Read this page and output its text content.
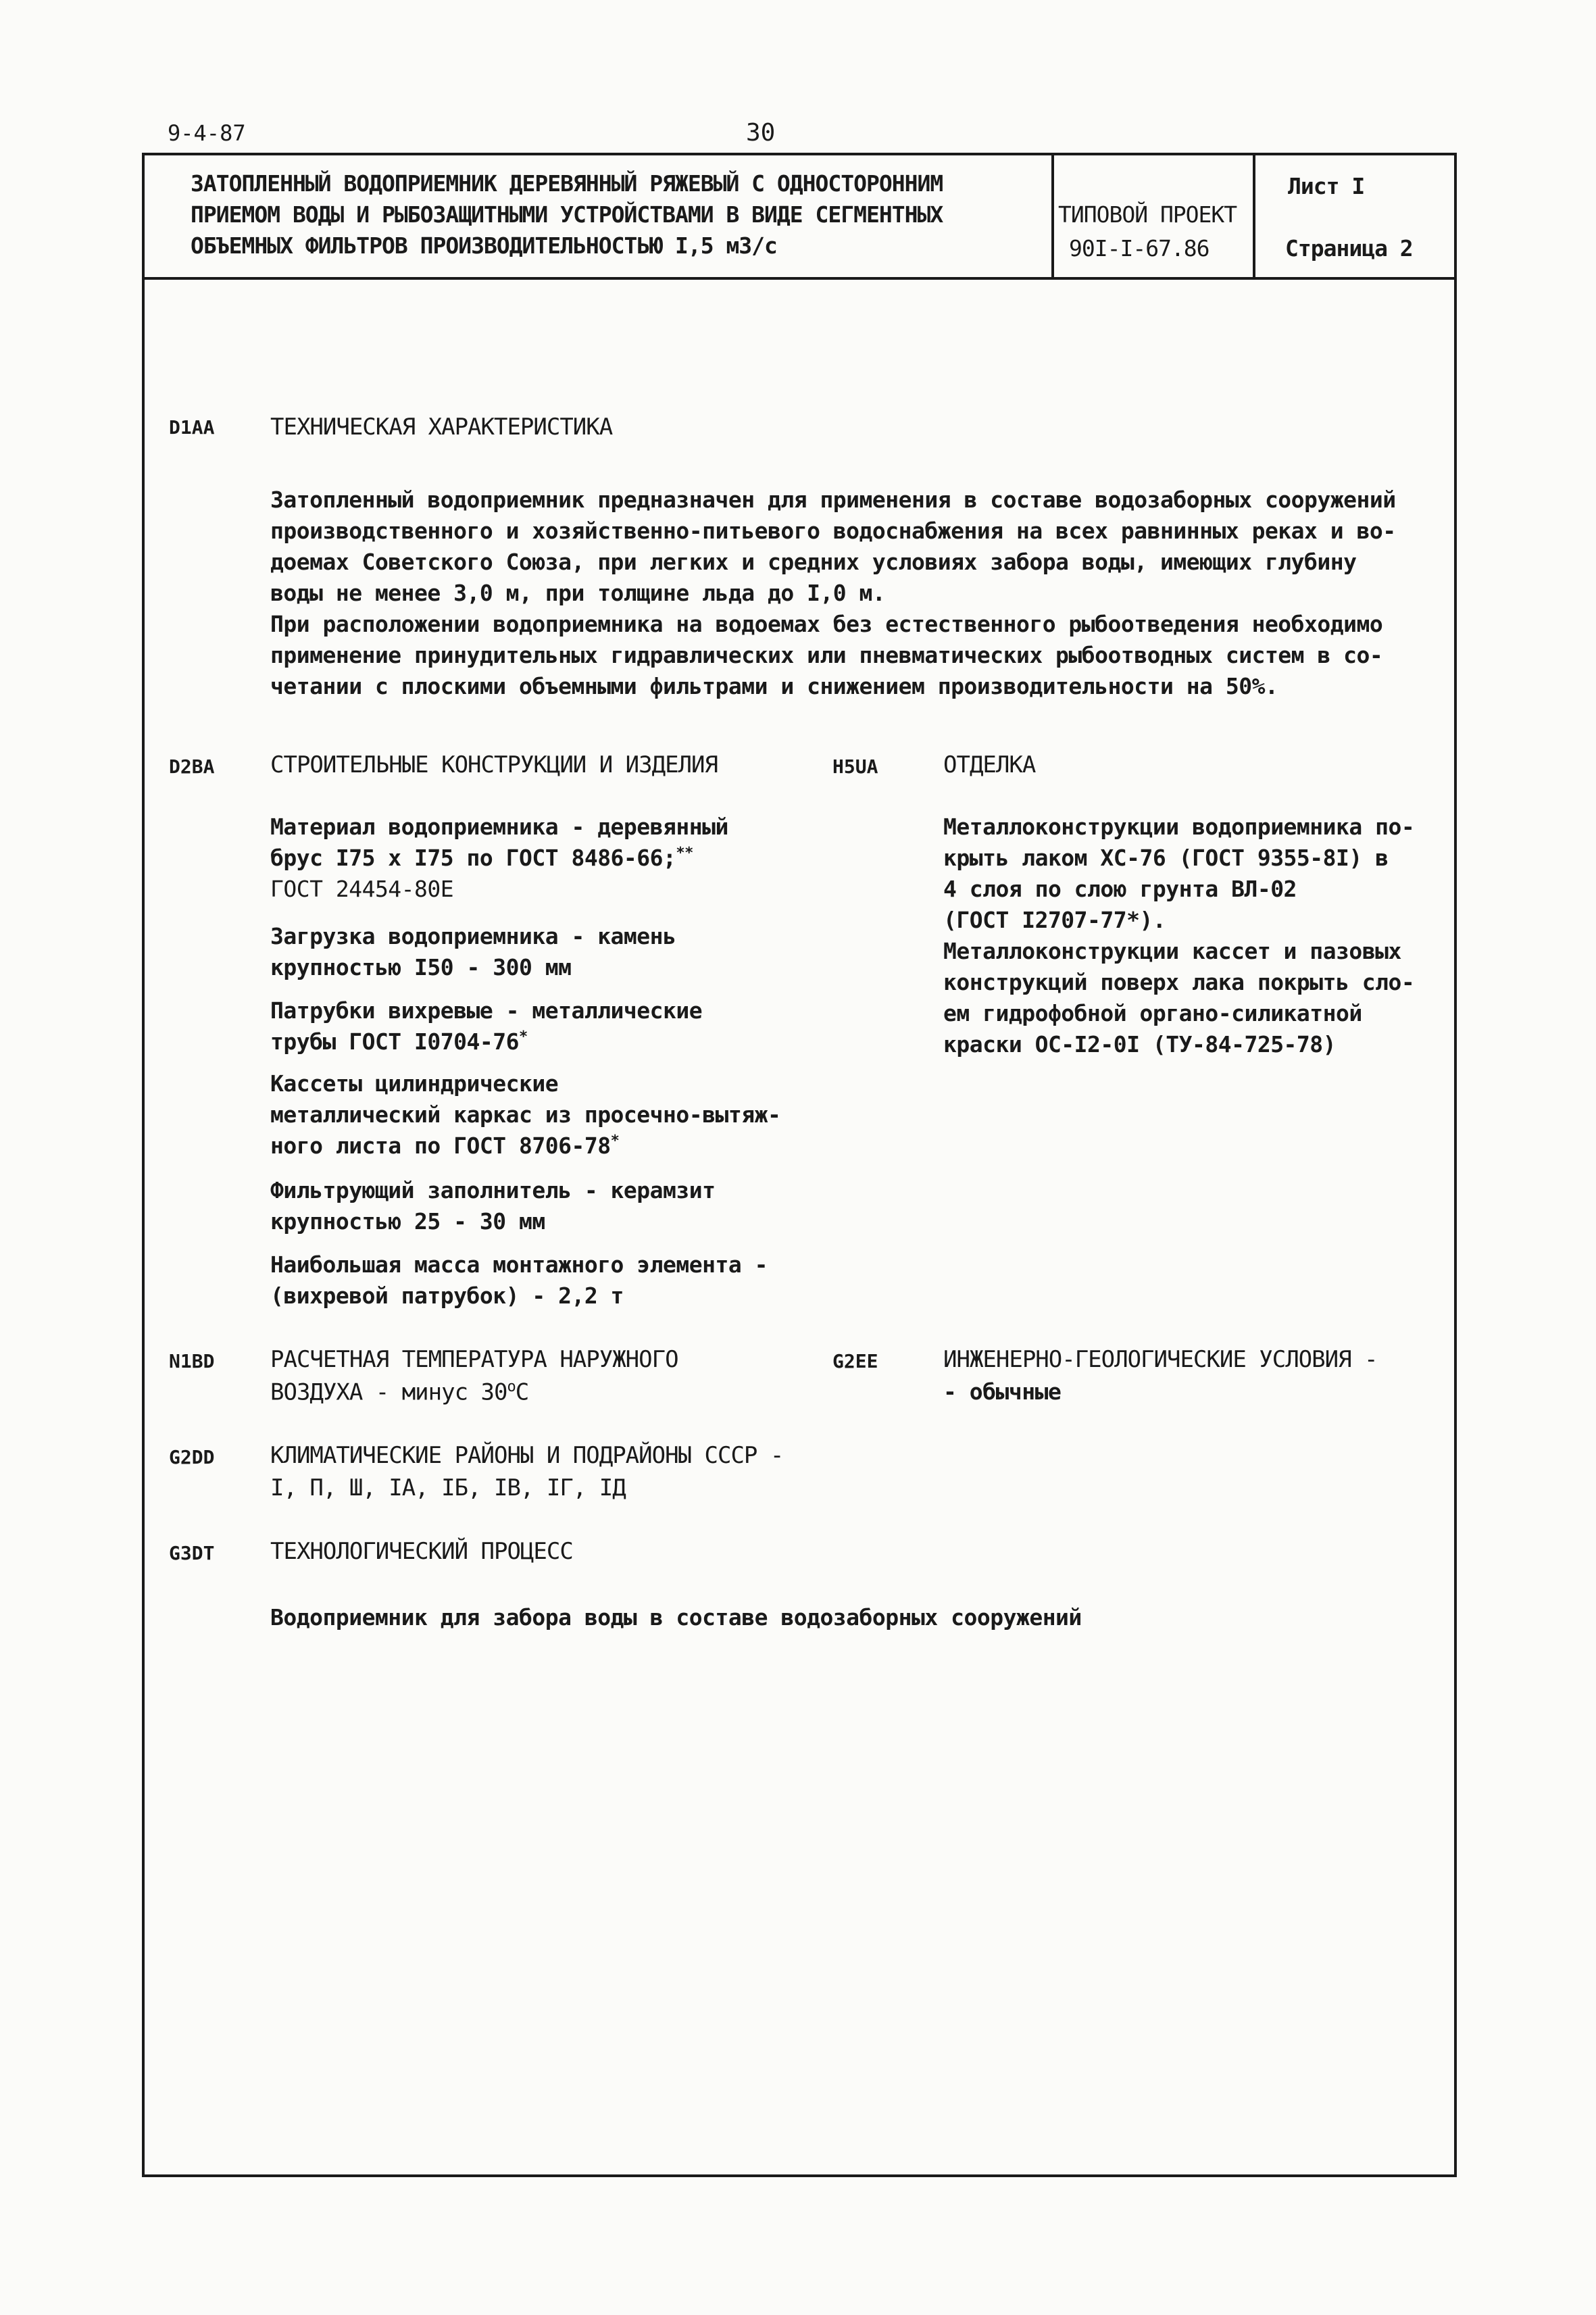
9-4-87	30
ЗАТОПЛЕННЫЙ ВОДОПРИЕМНИК ДЕРЕВЯННЫЙ РЯЖЕВЫЙ С ОДНОСТОРОННИМ
ПРИЕМОМ ВОДЫ И РЫБОЗАЩИТНЫМИ УСТРОЙСТВАМИ В ВИДЕ СЕГМЕНТНЫХ
ОБЪЕМНЫХ ФИЛЬТРОВ ПРОИЗВОДИТЕЛЬНОСТЬЮ I,5 м3/с
ТИПОВОЙ ПРОЕКТ
90I-I-67.86
Лист I
Страница 2
D1AA ТЕХНИЧЕСКАЯ ХАРАКТЕРИСТИКА
Затопленный водоприемник предназначен для применения в составе водозаборных сооружений
производственного и хозяйственно-питьевого водоснабжения на всех равнинных реках и во-
доемах Советского Союза, при легких и средних условиях забора воды, имеющих глубину
воды не менее 3,0 м, при толщине льда до I,0 м.
При расположении водоприемника на водоемах без естественного рыбоотведения необходимо
применение принудительных гидравлических или пневматических рыбоотводных систем в со-
четании с плоскими объемными фильтрами и снижением производительности на 50%.
D2BA СТРОИТЕЛЬНЫЕ КОНСТРУКЦИИ И ИЗДЕЛИЯ	H5UA	ОТДЕЛКА
Материал водоприемника - деревянный
брус I75 x I75 по ГОСТ 8486-66;**
ГОСТ 24454-80Е
Загрузка водоприемника - камень
крупностью I50 - 300 мм
Патрубки вихревые - металлические
трубы ГОСТ I0704-76*
Кассеты цилиндрические
металлический каркас из просечно-вытяж-
ного листа по ГОСТ 8706-78*
Фильтрующий заполнитель - керамзит
крупностью 25 - 30 мм
Наибольшая масса монтажного элемента -
(вихревой патрубок) - 2,2 т
Металлоконструкции водоприемника по-
крыть лаком ХС-76 (ГОСТ 9355-8I) в
4 слоя по слою грунта ВЛ-02
(ГОСТ I2707-77*).
Металлоконструкции кассет и пазовых
конструкций поверх лака покрыть сло-
ем гидрофобной органо-силикатной
краски ОС-I2-0I (ТУ-84-725-78)
N1BD РАСЧЕТНАЯ ТЕМПЕРАТУРА НАРУЖНОГО
ВОЗДУХА - минус 30$^o$С
G2EE	ИНЖЕНЕРНО-ГЕОЛОГИЧЕСКИЕ УСЛОВИЯ -
- обычные
G2DD КЛИМАТИЧЕСКИЕ РАЙОНЫ И ПОДРАЙОНЫ СССР -
I, П, Ш, IА, IБ, IВ, IГ, IД
G3DT ТЕХНОЛОГИЧЕСКИЙ ПРОЦЕСС
Водоприемник для забора воды в составе водозаборных сооружений
